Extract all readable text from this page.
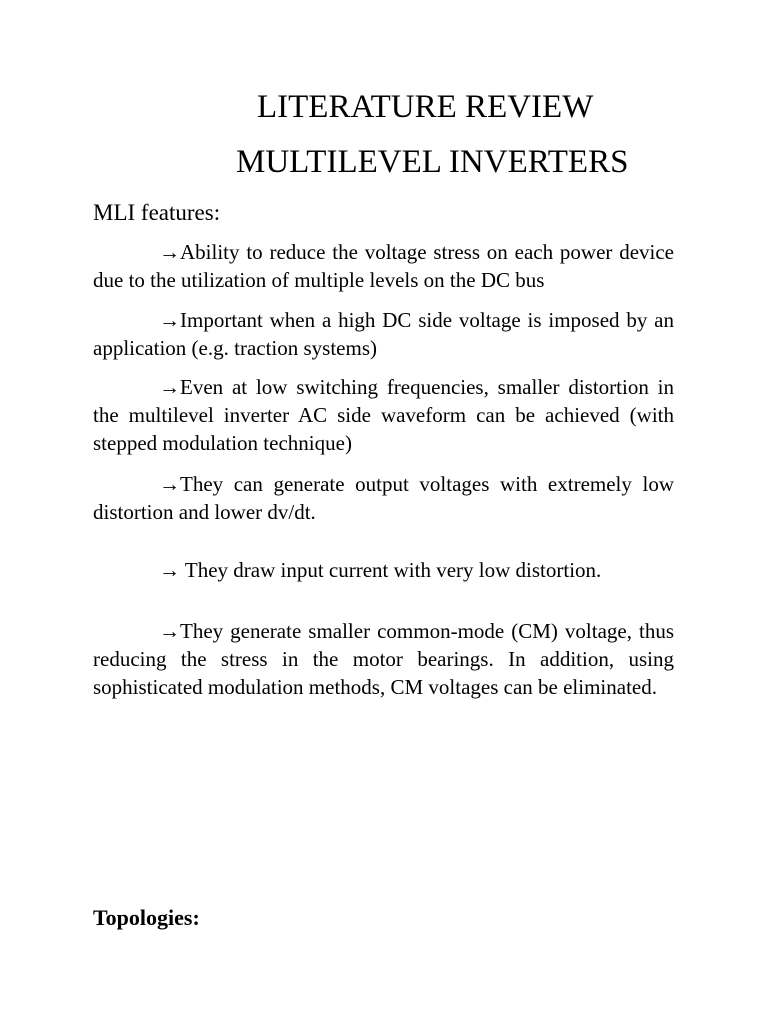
LITERATURE REVIEW
MULTILEVEL INVERTERS
MLI features:

→Ability to reduce the voltage stress on each power device due to the utilization of multiple levels on the DC bus

→Important when a high DC side voltage is imposed by an application (e.g. traction systems)

→Even at low switching frequencies, smaller distortion in the multilevel inverter AC side waveform can be achieved (with stepped modulation technique)

→They can generate output voltages with extremely low distortion and lower dv/dt.

→ They draw input current with very low distortion.

→They generate smaller common-mode (CM) voltage, thus reducing the stress in the motor bearings. In addition, using sophisticated modulation methods, CM voltages can be eliminated.

Topologies:
